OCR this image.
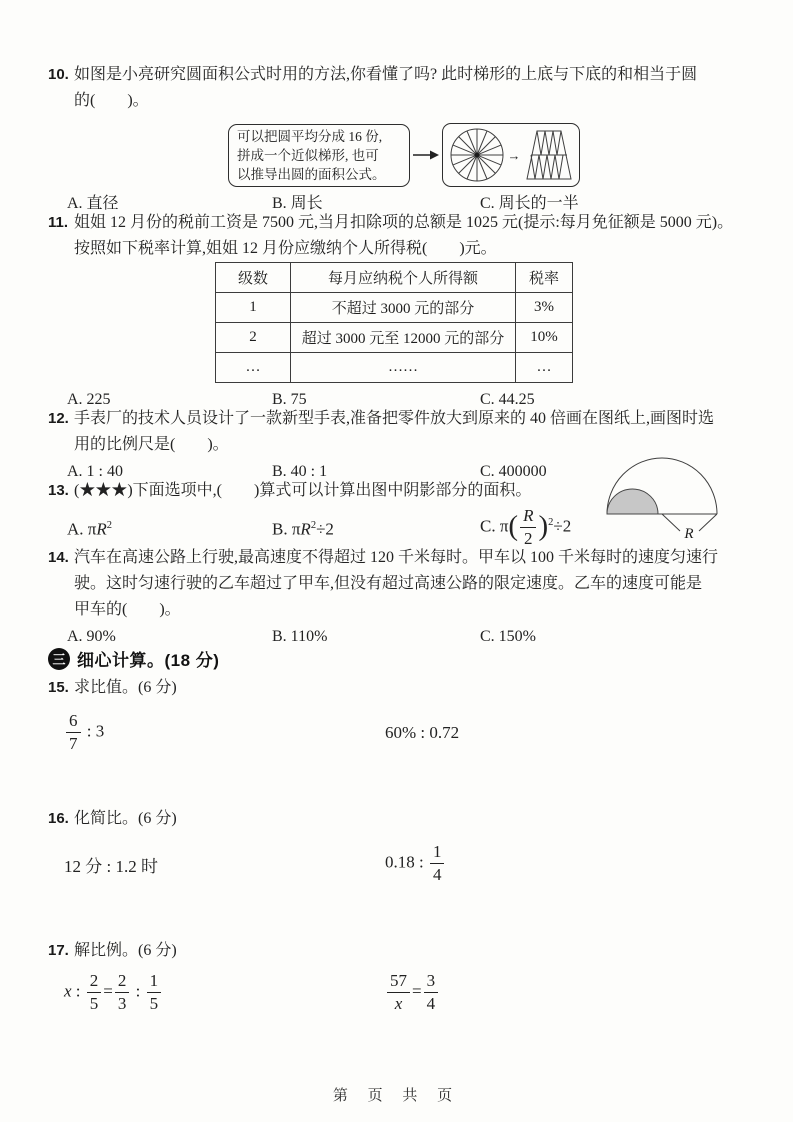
10. 如图是小亮研究圆面积公式时用的方法,你看懂了吗? 此时梯形的上底与下底的和相当于圆
的(　　)。
可以把圆平均分成 16 份,
拼成一个近似梯形, 也可
以推导出圆的面积公式。
→
A. 直径	B. 周长	C. 周长的一半
11. 姐姐 12 月份的税前工资是 7500 元,当月扣除项的总额是 1025 元(提示:每月免征额是 5000 元)。
按照如下税率计算,姐姐 12 月份应缴纳个人所得税(　　)元。
级数	每月应纳税个人所得额	税率
1	不超过 3000 元的部分	3%
2	超过 3000 元至 12000 元的部分	10%
…	……	…
A. 225	B. 75	C. 44.25
12. 手表厂的技术人员设计了一款新型手表,准备把零件放大到原来的 40 倍画在图纸上,画图时选
用的比例尺是(　　)。
A. 1 : 40	B. 40 : 1	C. 400000
13. (★★★)下面选项中,(　　)算式可以计算出图中阴影部分的面积。
A. $\pi R^2$	B. $\pi R^2\div 2$	C. $\pi( \frac{R}{2} )^2\div 2$	R
14. 汽车在高速公路上行驶,最高速度不得超过 120 千米每时。甲车以 100 千米每时的速度匀速行
驶。这时匀速行驶的乙车超过了甲车,但没有超过高速公路的限定速度。乙车的速度可能是
甲车的(　　)。
A. 90%	B. 110%	C. 150%
三 细心计算。(18 分)
15. 求比值。(6 分)
$\frac{6}{7}$ : 3	60% : 0.72
16. 化简比。(6 分)
12 分 : 1.2 时	0.18 : $\frac{1}{4}$
17. 解比例。(6 分)
x : $\frac{2}{5} = \frac{2}{3}$ : $\frac{1}{5}$	$\frac{57}{x} = \frac{3}{4}$
第 页 共 页
